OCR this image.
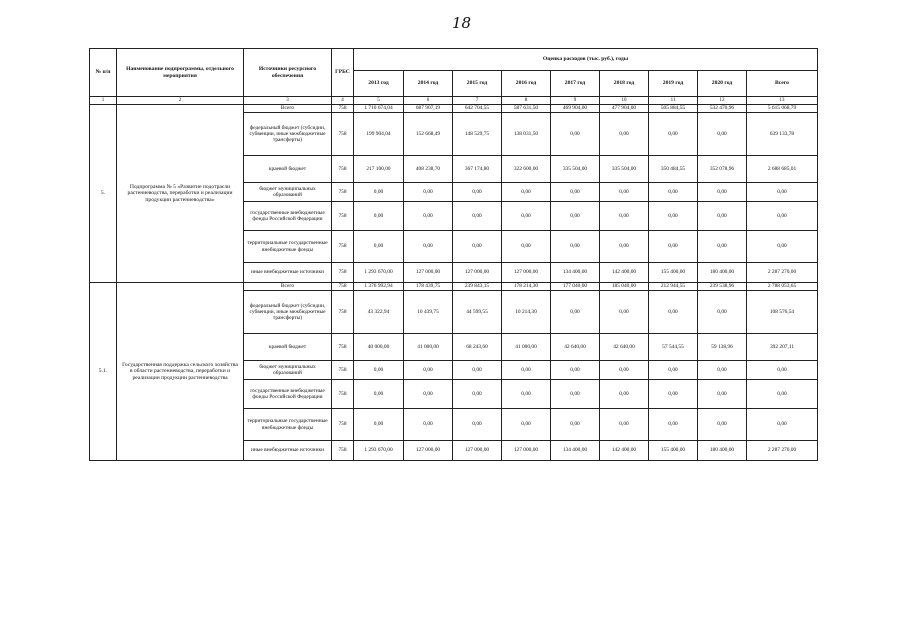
18
№ п/п	Наименование подпрограммы, отдельного мероприятия	Источники ресурсного обеспечения	ГРБС	Оценка расходов (тыс. руб.), годы								
				2013 год	2014 год	2015 год	2016 год	2017 год	2018 год	2019 год	2020 год	Всего
1	2	3	4	5	6	7	8	9	10	11	12	13
5.	Подпрограмма № 5 «Развитие подотрасли растениеводства, переработки и реализации продукции растениеводства»	Всего	758	1 710 674,04	687 907,19	642 704,55	587 631,50	469 904,00	477 904,00	505 884,55	532 470,96	5 615 068,79
		федеральный бюджет (субсидии, субвенции, иные межбюджетные трансферты)	758	199 904,04	152 668,49	148 529,75	138 031,50	0,00	0,00	0,00	0,00	639 133,78
		краевой бюджет	758	217 100,00	408 238,70	367 174,80	322 600,00	335 504,00	335 504,00	350 484,55	352 078,96	2 688 685,01
		бюджет муниципальных образований	758	0,00	0,00	0,00	0,00	0,00	0,00	0,00	0,00	0,00
		государственные внебюджетные фонды Российской Федерации	758	0,00	0,00	0,00	0,00	0,00	0,00	0,00	0,00	0,00
		территориальные государственные внебюджетные фонды	758	0,00	0,00	0,00	0,00	0,00	0,00	0,00	0,00	0,00
		иные внебюджетные источники	758	1 293 670,00	127 000,00	127 000,00	127 000,00	134 400,00	142 400,00	155 400,00	180 400,00	2 287 270,00
5.1.	Государственная поддержка сельского хозяйства в области растениеводства, переработки и реализации продукции растениеводства	Всего	758	1 376 992,94	178 439,75	239 843,15	178 214,30	177 040,00	185 040,00	212 944,55	239 538,96	2 788 053,65
		федеральный бюджет (субсидии, субвенции, иные межбюджетные трансферты)	758	43 322,94	10 439,75	44 599,55	10 214,30	0,00	0,00	0,00	0,00	108 576,54
		краевой бюджет	758	40 000,00	41 000,00	68 243,60	41 000,00	42 640,00	42 640,00	57 544,55	59 138,96	392 207,11
		бюджет муниципальных образований	758	0,00	0,00	0,00	0,00	0,00	0,00	0,00	0,00	0,00
		государственные внебюджетные фонды Российской Федерации	758	0,00	0,00	0,00	0,00	0,00	0,00	0,00	0,00	0,00
		территориальные государственные внебюджетные фонды	758	0,00	0,00	0,00	0,00	0,00	0,00	0,00	0,00	0,00
		иные внебюджетные источники	758	1 293 670,00	127 000,00	127 000,00	127 000,00	134 400,00	142 400,00	155 400,00	180 400,00	2 287 270,00
